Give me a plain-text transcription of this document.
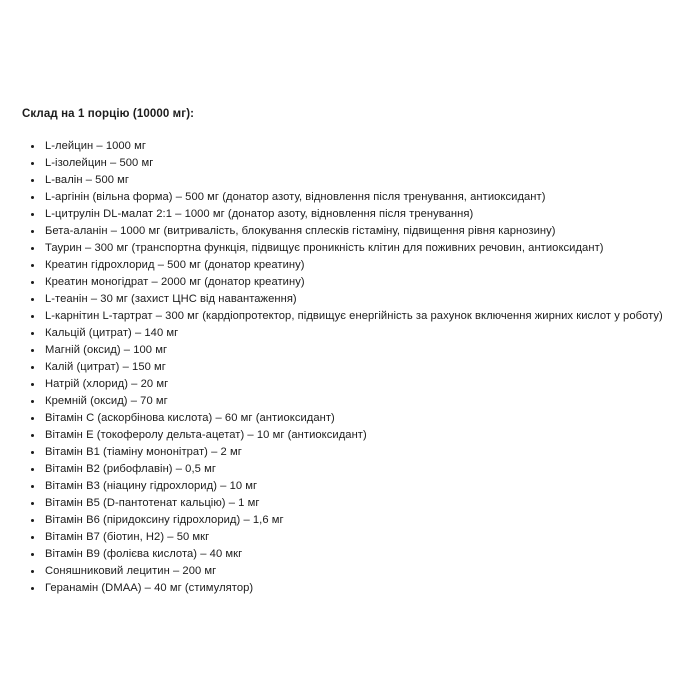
Склад на 1 порцію (10000 мг):

L-лейцин – 1000 мг
L-ізолейцин – 500 мг
L-валін – 500 мг
L-аргінін (вільна форма) – 500 мг (донатор азоту, відновлення після тренування, антиоксидант)
L-цитрулін DL-малат 2:1 – 1000 мг (донатор азоту, відновлення після тренування)
Бета-аланін – 1000 мг (витривалість, блокування сплесків гістаміну, підвищення рівня карнозину)
Таурин – 300 мг (транспортна функція, підвищує проникність клітин для поживних речовин, антиоксидант)
Креатин гідрохлорид – 500 мг (донатор креатину)
Креатин моногідрат – 2000 мг (донатор креатину)
L-теанін – 30 мг (захист ЦНС від навантаження)
L-карнітин L-тартрат – 300 мг (кардіопротектор, підвищує енергійність за рахунок включення жирних кислот у роботу)
Кальцій (цитрат) – 140 мг
Магній (оксид) – 100 мг
Калій (цитрат) – 150 мг
Натрій (хлорид) – 20 мг
Кремній (оксид) – 70 мг
Вітамін C (аскорбінова кислота) – 60 мг (антиоксидант)
Вітамін E (токоферолу дельта-ацетат) – 10 мг (антиоксидант)
Вітамін B1 (тіаміну мононітрат) – 2 мг
Вітамін B2 (рибофлавін) – 0,5 мг
Вітамін B3 (ніацину гідрохлорид) – 10 мг
Вітамін B5 (D-пантотенат кальцію) – 1 мг
Вітамін B6 (піридоксину гідрохлорид) – 1,6 мг
Вітамін B7 (біотин, H2) – 50 мкг
Вітамін B9 (фолієва кислота) – 40 мкг
Соняшниковий лецитин – 200 мг
Геранамін (DMAA) – 40 мг (стимулятор)
